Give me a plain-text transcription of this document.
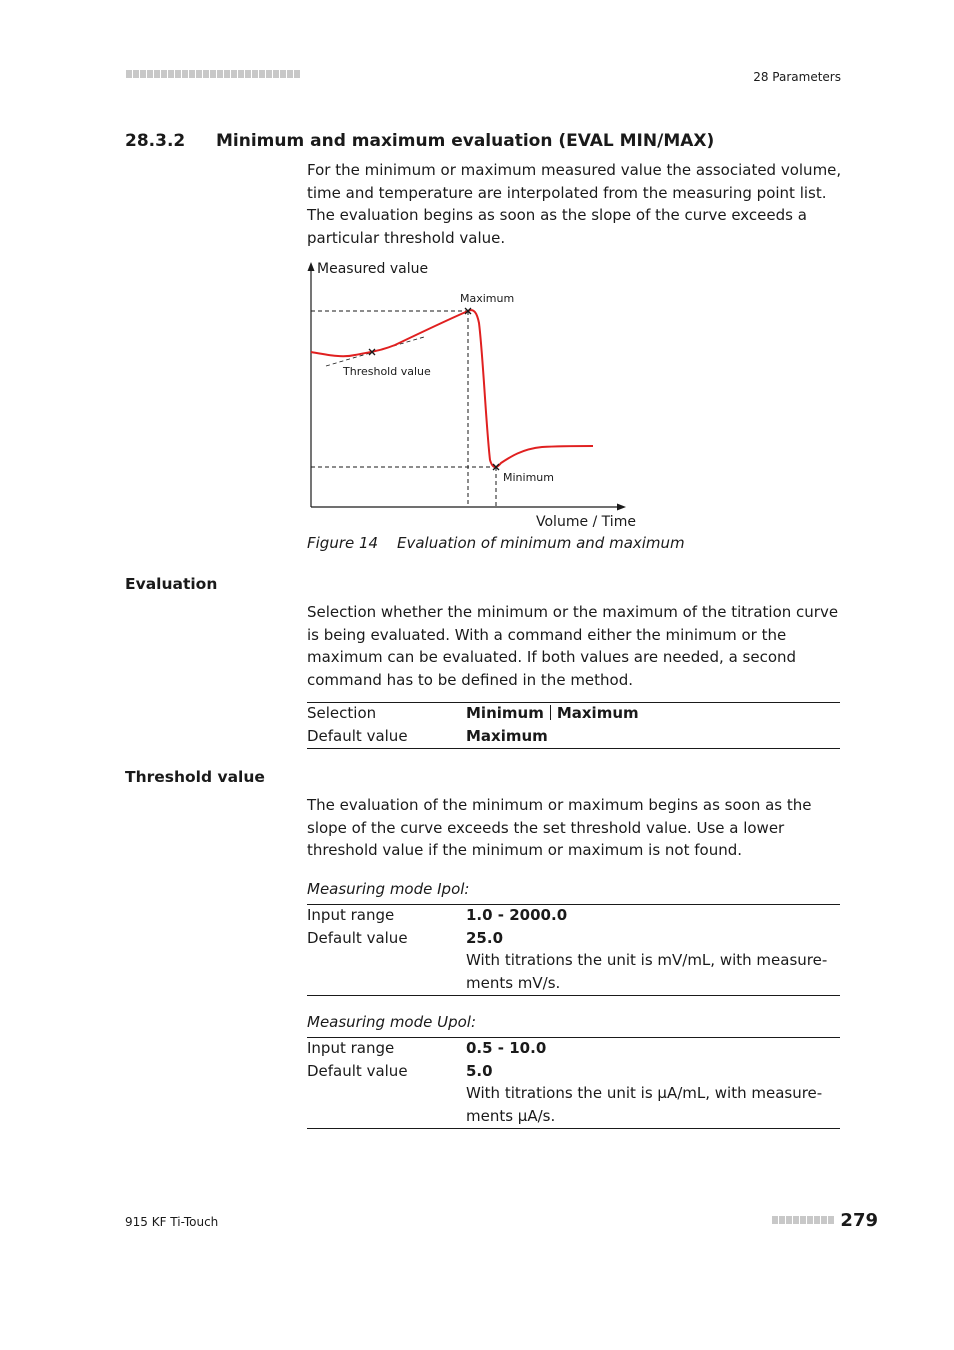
28 Parameters
28.3.2 Minimum and maximum evaluation (EVAL MIN/MAX)

For the minimum or maximum measured value the associated volume, time and temperature are interpolated from the measuring point list. The evaluation begins as soon as the slope of the curve exceeds a particular threshold value.

Measured value
Volume / Time
Maximum
Minimum
Threshold value
Figure 14 Evaluation of minimum and maximum
Evaluation

Selection whether the minimum or the maximum of the titration curve is being evaluated. With a command either the minimum or the maximum can be evaluated. If both values are needed, a second command has to be defined in the method.

Selection	Minimum Maximum
Default value	Maximum
Threshold value

The evaluation of the minimum or maximum begins as soon as the slope of the curve exceeds the set threshold value. Use a lower threshold value if the minimum or maximum is not found.

Measuring mode Ipol:
Input range	1.0 - 2000.0
Default value	25.0
With titrations the unit is mV/mL, with measure-
ments mV/s.
Measuring mode Upol:
Input range	0.5 - 10.0
Default value	5.0
With titrations the unit is µA/mL, with measure-
ments µA/s.
915 KF Ti-Touch	279
